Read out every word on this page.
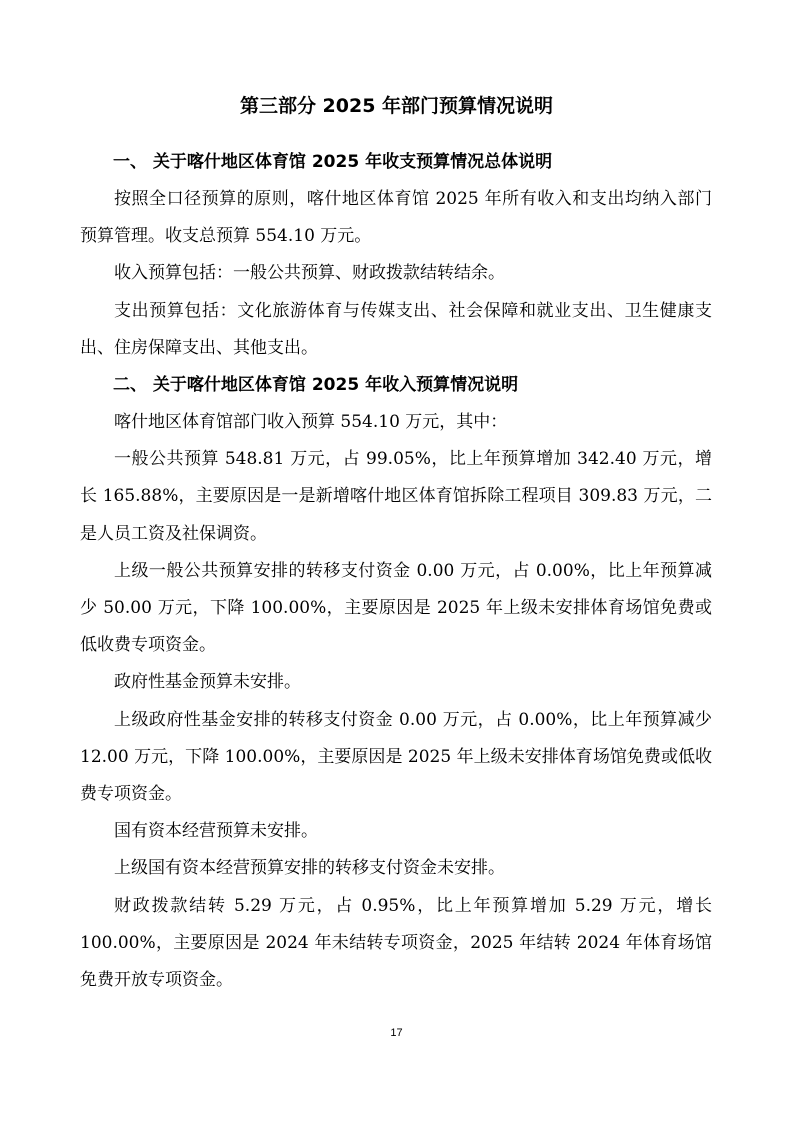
第三部分 2025 年部门预算情况说明
一、 关于喀什地区体育馆 2025 年收支预算情况总体说明

按照全口径预算的原则，喀什地区体育馆 2025 年所有收入和支出均纳入部门预算管理。收支总预算 554.10 万元。

收入预算包括：一般公共预算、财政拨款结转结余。

支出预算包括：文化旅游体育与传媒支出、社会保障和就业支出、卫生健康支出、住房保障支出、其他支出。

二、 关于喀什地区体育馆 2025 年收入预算情况说明

喀什地区体育馆部门收入预算 554.10 万元，其中：

一般公共预算 548.81 万元，占 99.05%，比上年预算增加 342.40 万元，增长 165.88%，主要原因是一是新增喀什地区体育馆拆除工程项目 309.83 万元，二是人员工资及社保调资。

上级一般公共预算安排的转移支付资金 0.00 万元，占 0.00%，比上年预算减少 50.00 万元，下降 100.00%，主要原因是 2025 年上级未安排体育场馆免费或低收费专项资金。

政府性基金预算未安排。

上级政府性基金安排的转移支付资金 0.00 万元，占 0.00%，比上年预算减少 12.00 万元，下降 100.00%，主要原因是 2025 年上级未安排体育场馆免费或低收费专项资金。

国有资本经营预算未安排。

上级国有资本经营预算安排的转移支付资金未安排。

财政拨款结转 5.29 万元，占 0.95%，比上年预算增加 5.29 万元，增长 100.00%，主要原因是 2024 年未结转专项资金，2025 年结转 2024 年体育场馆免费开放专项资金。

17
